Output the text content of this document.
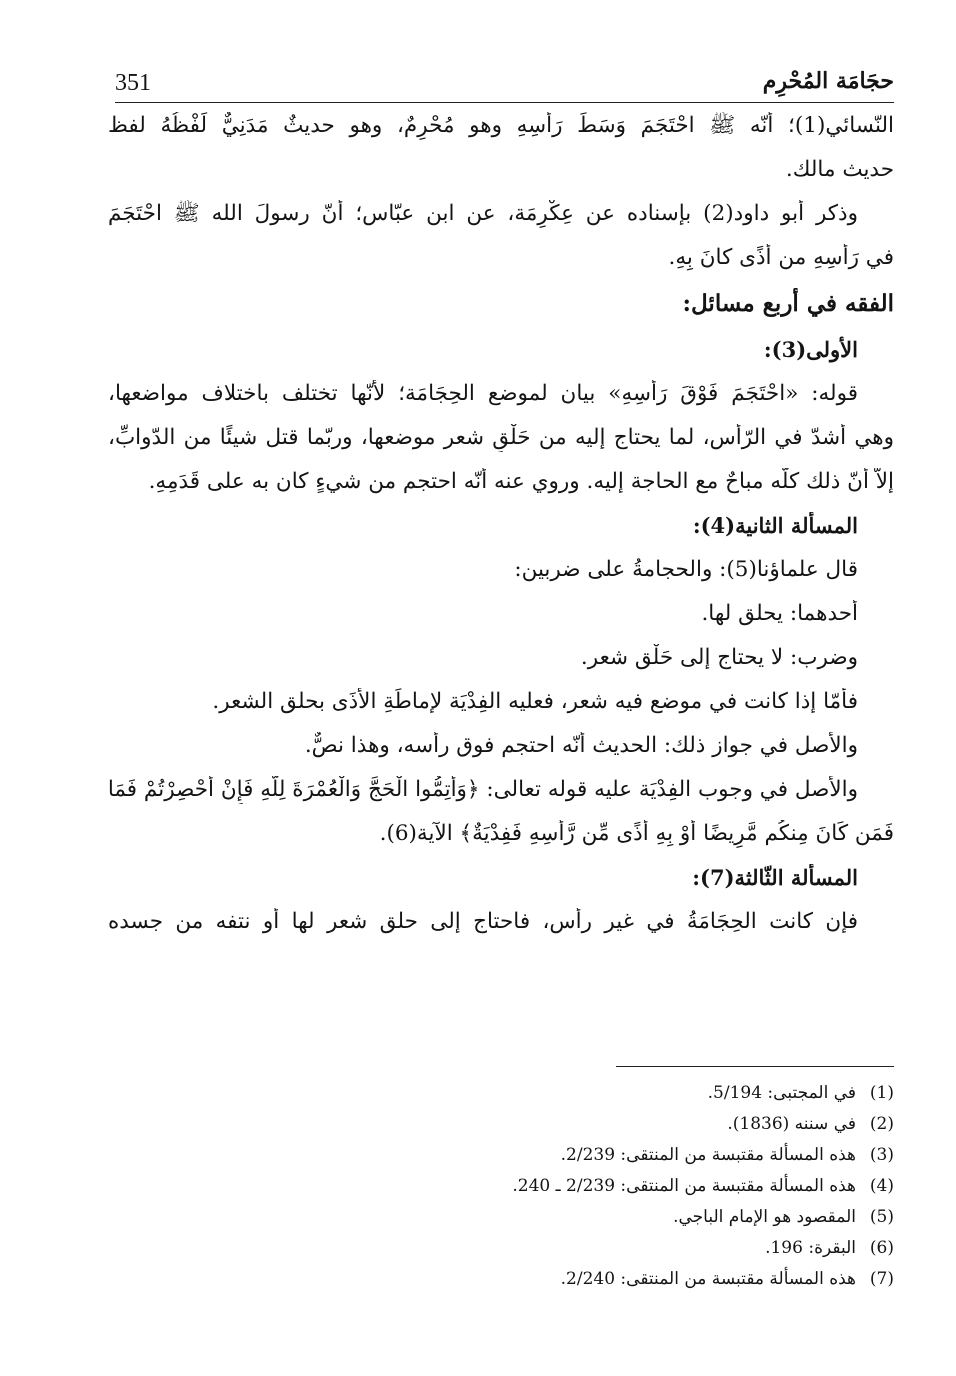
351	حجَامَة المُحْرِم
النّسائي(1)؛ أنّه ﷺ احْتَجَمَ وَسَطَ رَأسِهِ وهو مُحْرِمٌ، وهو حديثٌ مَدَنِيٌّ لَفْظُهُ لفظ
حديث مالك.
وذكر أبو داود(2) بإسناده عن عِكْرِمَة، عن ابن عبّاس؛ أنّ رسولَ الله ﷺ احْتَجَمَ
في رَأْسِهِ من أَذًى كانَ بِهِ.
الفقه في أربع مسائل:
الأولى(3):
قوله: «احْتَجَمَ فَوْقَ رَأْسِهِ» بيان لموضع الحِجَامَة؛ لأنّها تختلف باختلاف مواضعها،
وهي أشدّ في الرّأس، لما يحتاج إليه من حَلْقِ شعر موضعها، وربّما قتل شيئًا من الدّوابِّ،
إلاّ أنّ ذلك كلّه مباحٌ مع الحاجة إليه. وروي عنه أنّه احتجم من شيءٍ كان به على قَدَمِهِ.
المسألة الثانية(4):
قال علماؤنا(5): والحجامةُ على ضربين:
أحدهما: يحلق لها.
وضرب: لا يحتاج إلى حَلْق شعر.
فأمّا إذا كانت في موضع فيه شعر، فعليه الفِدْيَة لإماطَةِ الأَذَى بحلق الشعر.
والأصل في جواز ذلك: الحديث أنّه احتجم فوق رأسه، وهذا نصٌّ.
والأصل في وجوب الفِدْيَة عليه قوله تعالى: ﴿وَأَتِمُّوا الْحَجَّ وَالْعُمْرَةَ لِلَّهِ فَإِنْ أُحْصِرْتُمْ فَمَا
فَمَن كَانَ مِنكُم مَّرِيضًا أَوْ بِهِ أَذًى مِّن رَّأْسِهِ فَفِدْيَةٌ﴾ الآية(6).
المسألة الثّالثة(7):
فإن كانت الحِجَامَةُ في غير رأس، فاحتاج إلى حلق شعر لها أو نتفه من جسده
(1)
في المجتبى: 5/194.
(2)
في سننه (1836).
(3)
هذه المسألة مقتبسة من المنتقى: 2/239.
(4)
هذه المسألة مقتبسة من المنتقى: 2/239 ـ 240.
(5)
المقصود هو الإمام الباجي.
(6)
البقرة: 196.
(7)
هذه المسألة مقتبسة من المنتقى: 2/240.
